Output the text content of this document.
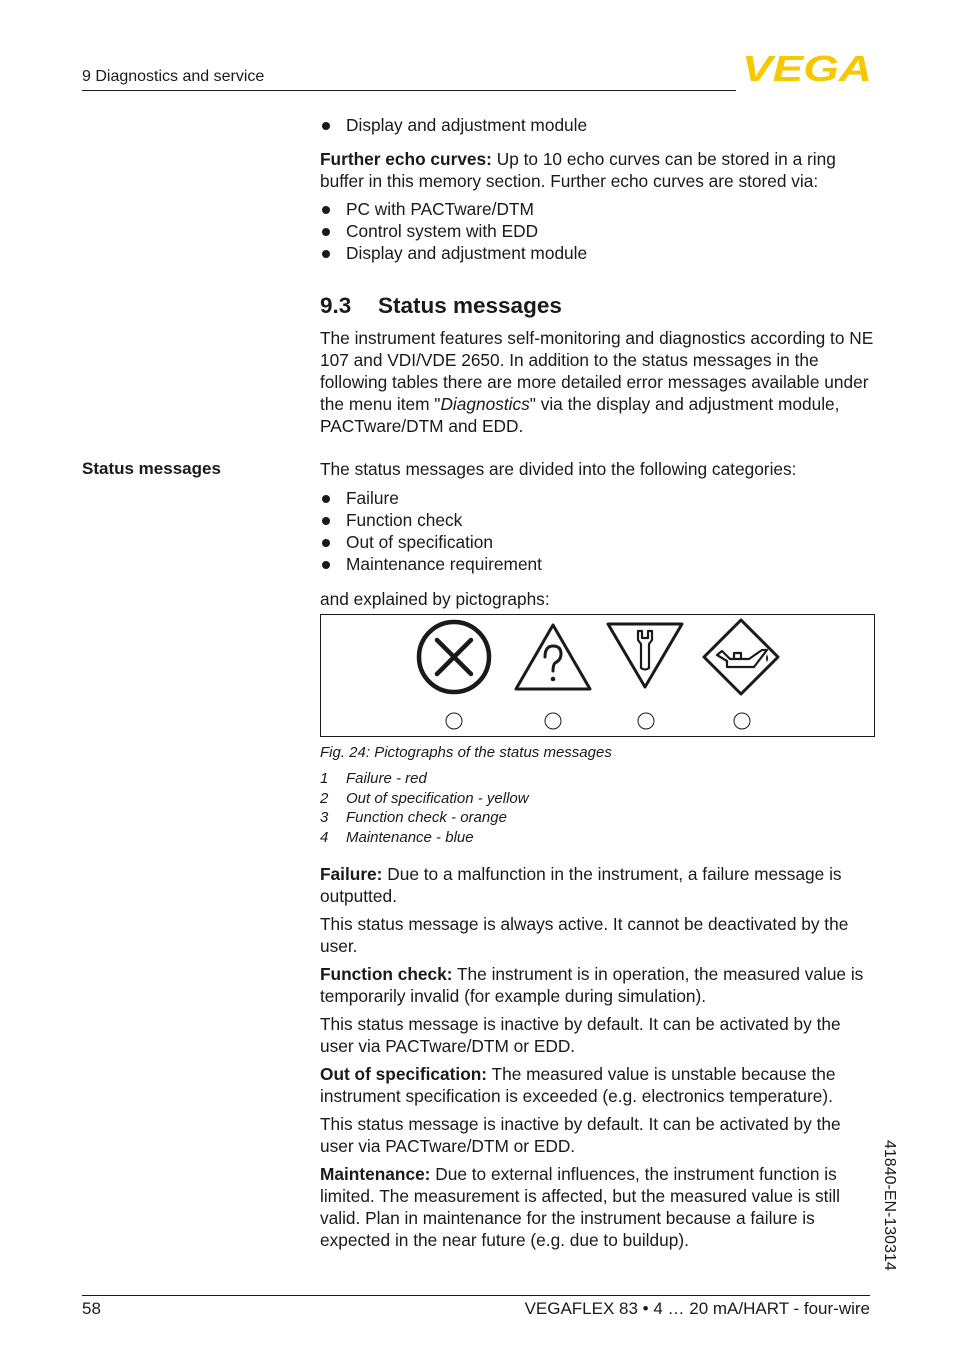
9 Diagnostics and service	VEGA
Display and adjustment module

Further echo curves: Up to 10 echo curves can be stored in a ring buffer in this memory section. Further echo curves are stored via:

PC with PACTware/DTM
Control system with EDD
Display and adjustment module
9.3 Status messages

The instrument features self-monitoring and diagnostics according to NE 107 and VDI/VDE 2650. In addition to the status messages in the following tables there are more detailed error messages available under the menu item "Diagnostics" via the display and adjustment module, PACTware/DTM and EDD.

Status messages	The status messages are divided into the following categories:

Failure
Function check
Out of specification
Maintenance requirement

and explained by pictographs:

Fig. 24: Pictographs of the status messages
1 Failure - red
2 Out of specification - yellow
3 Function check - orange
4 Maintenance - blue

Failure: Due to a malfunction in the instrument, a failure message is outputted.

This status message is always active. It cannot be deactivated by the user.

Function check: The instrument is in operation, the measured value is temporarily invalid (for example during simulation).

This status message is inactive by default. It can be activated by the user via PACTware/DTM or EDD.

Out of specification: The measured value is unstable because the instrument specification is exceeded (e.g. electronics temperature).

This status message is inactive by default. It can be activated by the user via PACTware/DTM or EDD.

Maintenance: Due to external influences, the instrument function is limited. The measurement is affected, but the measured value is still valid. Plan in maintenance for the instrument because a failure is expected in the near future (e.g. due to buildup).	41840-EN-130314
58	VEGAFLEX 83 • 4 … 20 mA/HART - four-wire
